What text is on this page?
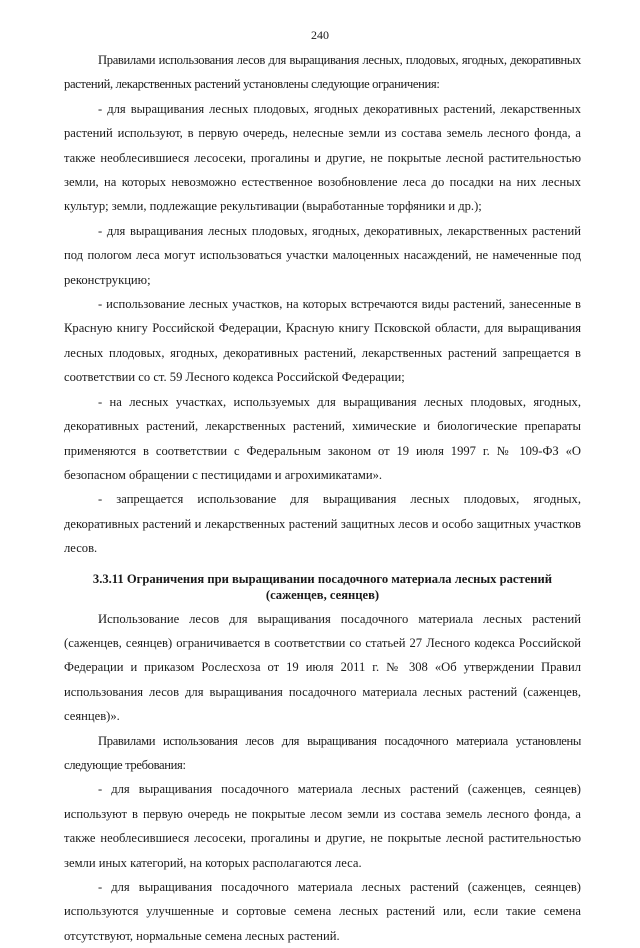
240

Правилами использования лесов для выращивания лесных, плодовых, ягодных, декоративных растений, лекарственных растений установлены следующие ограничения:

- для выращивания лесных плодовых, ягодных декоративных растений, лекарственных растений используют, в первую очередь, нелесные земли из состава земель лесного фонда, а также необлесившиеся лесосеки, прогалины и другие, не покрытые лесной растительностью земли, на которых невозможно естественное возобновление леса до посадки на них лесных культур; земли, подлежащие рекультивации (выработанные торфяники и др.);

- для выращивания лесных плодовых, ягодных, декоративных, лекарственных растений под пологом леса могут использоваться участки малоценных насаждений, не намеченные под реконструкцию;

- использование лесных участков, на которых встречаются виды растений, занесенные в Красную книгу Российской Федерации, Красную книгу Псковской области, для выращивания лесных плодовых, ягодных, декоративных растений, лекарственных растений запрещается в соответствии со ст. 59 Лесного кодекса Российской Федерации;

- на лесных участках, используемых для выращивания лесных плодовых, ягодных, декоративных растений, лекарственных растений, химические и биологические препараты применяются в соответствии с Федеральным законом от 19 июля 1997 г. № 109-ФЗ «О безопасном обращении с пестицидами и агрохимикатами».

- запрещается использование для выращивания лесных плодовых, ягодных, декоративных растений и лекарственных растений защитных лесов и особо защитных участков лесов.

3.3.11 Ограничения при выращивании посадочного материала лесных растений (саженцев, сеянцев)

Использование лесов для выращивания посадочного материала лесных растений (саженцев, сеянцев) ограничивается в соответствии со статьей 27 Лесного кодекса Российской Федерации и приказом Рослесхоза от 19 июля 2011 г. № 308 «Об утверждении Правил использования лесов для выращивания посадочного материала лесных растений (саженцев, сеянцев)».

Правилами использования лесов для выращивания посадочного материала установлены следующие требования:

- для выращивания посадочного материала лесных растений (саженцев, сеянцев) используют в первую очередь не покрытые лесом земли из состава земель лесного фонда, а также необлесившиеся лесосеки, прогалины и другие, не покрытые лесной растительностью земли иных категорий, на которых располагаются леса.

- для выращивания посадочного материала лесных растений (саженцев, сеянцев) используются улучшенные и сортовые семена лесных растений или, если такие семена отсутствуют, нормальные семена лесных растений.
